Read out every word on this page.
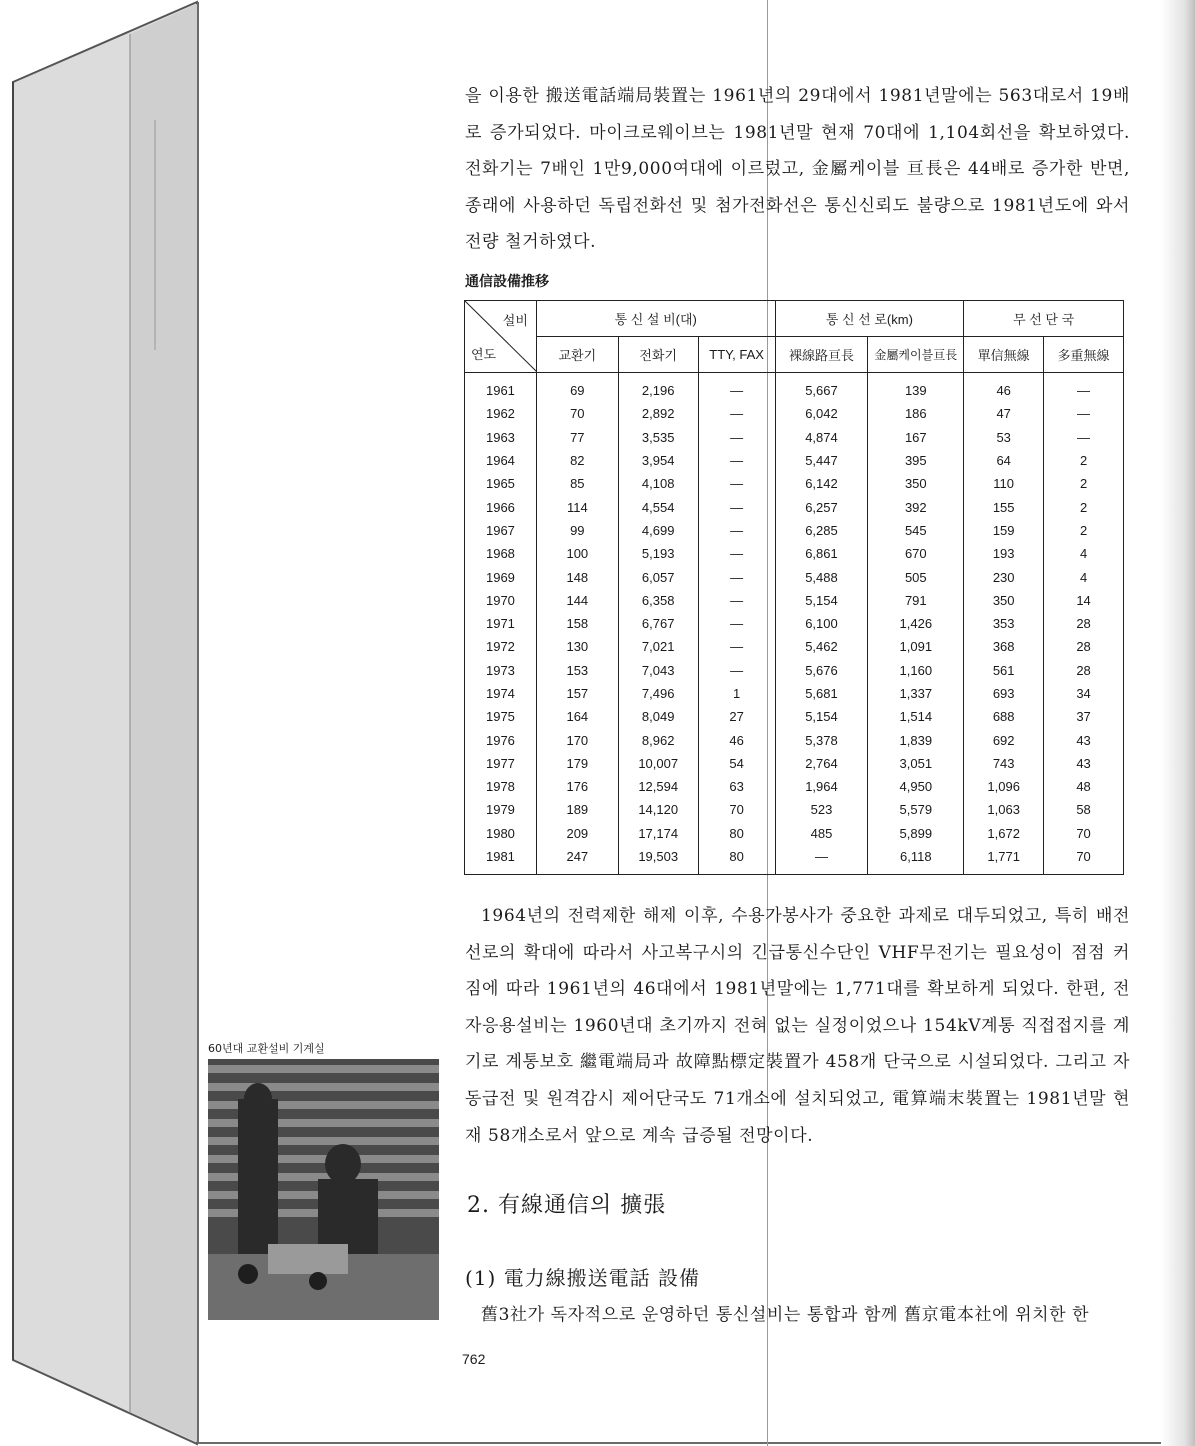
을 이용한 搬送電話端局裝置는 1961년의 29대에서 1981년말에는 563대로서 19배로 증가되었다. 마이크로웨이브는 1981년말 현재 70대에 1,104회선을 확보하였다. 전화기는 7배인 1만9,000여대에 이르렀고, 金屬케이블 亘長은 44배로 증가한 반면, 종래에 사용하던 독립전화선 및 첨가전화선은 통신신뢰도 불량으로 1981년도에 와서 전량 철거하였다.

通信設備推移
설비
연도	통 신 설 비(대)			통 신 선 로(km)		무 선 단 국	
	교환기	전화기	TTY, FAX	裸線路亘長	金屬케이블亘長	單信無線	多重無線
1961	69	2,196	—	5,667	139	46	—
1962	70	2,892	—	6,042	186	47	—
1963	77	3,535	—	4,874	167	53	—
1964	82	3,954	—	5,447	395	64	2
1965	85	4,108	—	6,142	350	110	2
1966	114	4,554	—	6,257	392	155	2
1967	99	4,699	—	6,285	545	159	2
1968	100	5,193	—	6,861	670	193	4
1969	148	6,057	—	5,488	505	230	4
1970	144	6,358	—	5,154	791	350	14
1971	158	6,767	—	6,100	1,426	353	28
1972	130	7,021	—	5,462	1,091	368	28
1973	153	7,043	—	5,676	1,160	561	28
1974	157	7,496	1	5,681	1,337	693	34
1975	164	8,049	27	5,154	1,514	688	37
1976	170	8,962	46	5,378	1,839	692	43
1977	179	10,007	54	2,764	3,051	743	43
1978	176	12,594	63	1,964	4,950	1,096	48
1979	189	14,120	70	523	5,579	1,063	58
1980	209	17,174	80	485	5,899	1,672	70
1981	247	19,503	80	—	6,118	1,771	70

1964년의 전력제한 해제 이후, 수용가봉사가 중요한 과제로 대두되었고, 특히 배전선로의 확대에 따라서 사고복구시의 긴급통신수단인 VHF무전기는 필요성이 점점 커짐에 따라 1961년의 46대에서 1981년말에는 1,771대를 확보하게 되었다. 한편, 전자응용설비는 1960년대 초기까지 전혀 없는 실정이었으나 154kV계통 직접접지를 계기로 계통보호 繼電端局과 故障點標定裝置가 458개 단국으로 시설되었다. 그리고 자동급전 및 원격감시 제어단국도 71개소에 설치되었고, 電算端末裝置는 1981년말 현재 58개소로서 앞으로 계속 급증될 전망이다.

60년대 교환설비 기계실
2. 有線通信의 擴張
(1) 電力線搬送電話 設備

舊3社가 독자적으로 운영하던 통신설비는 통합과 함께 舊京電本社에 위치한 한

762
